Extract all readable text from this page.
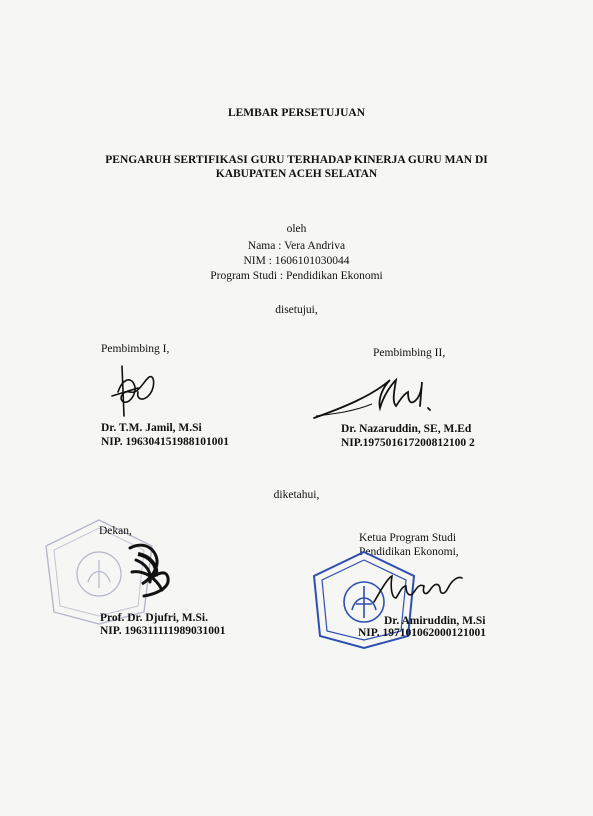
LEMBAR PERSETUJUAN
PENGARUH SERTIFIKASI GURU TERHADAP KINERJA GURU MAN DI
KABUPATEN ACEH SELATAN
oleh
Nama : Vera Andriva
NIM : 1606101030044
Program Studi : Pendidikan Ekonomi
disetujui,
Pembimbing I,
Dr. T.M. Jamil, M.Si
NIP. 196304151988101001
Pembimbing II,
Dr. Nazaruddin, SE, M.Ed
NIP.197501617200812100 2
diketahui,
Dekan,
Prof. Dr. Djufri, M.Si.
NIP. 196311111989031001
Ketua Program Studi
Pendidikan Ekonomi,
Dr. Amiruddin, M.Si
NIP. 197101062000121001
